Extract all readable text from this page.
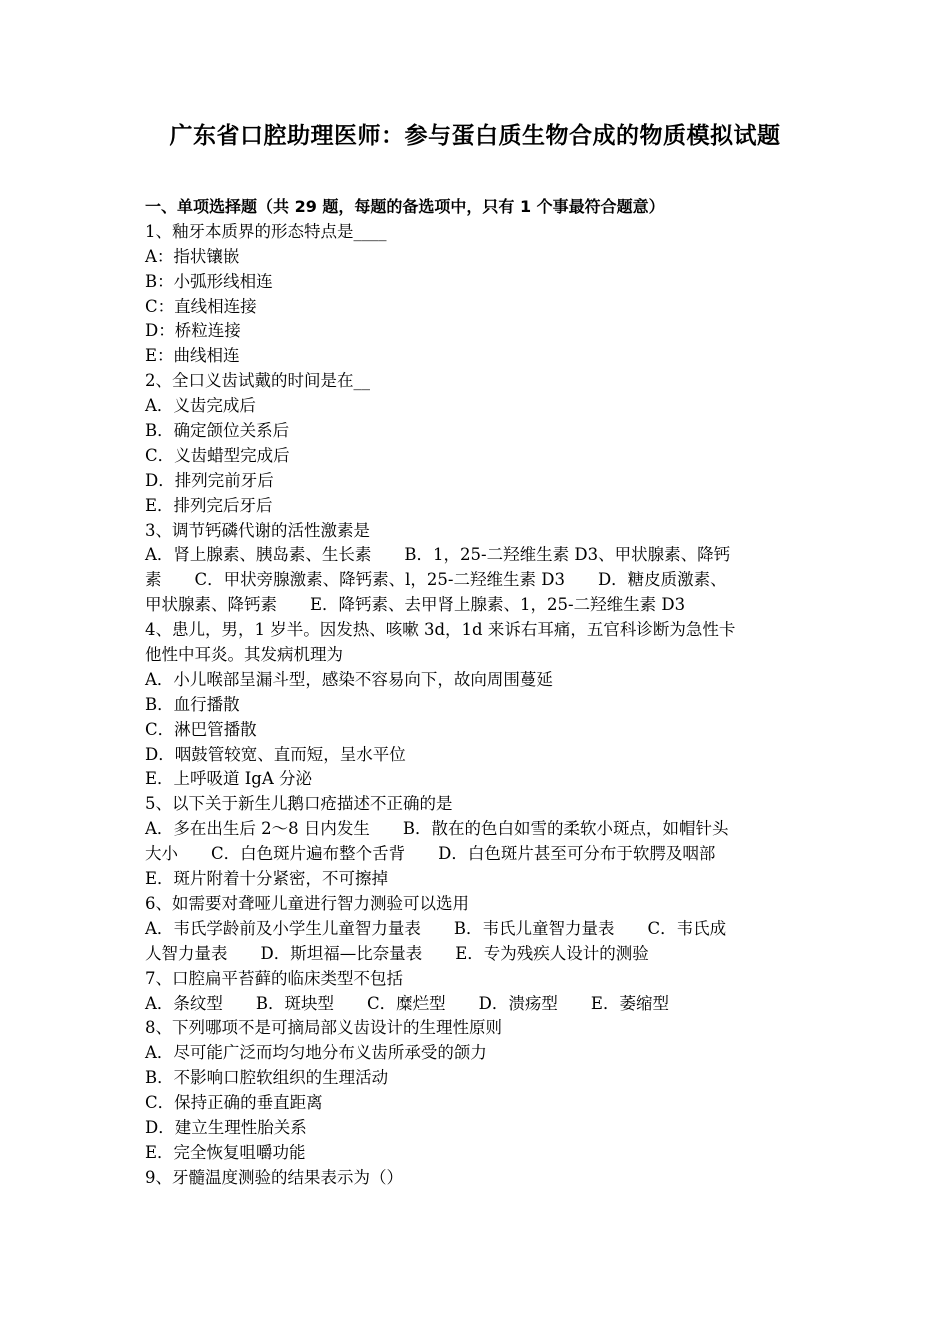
广东省口腔助理医师：参与蛋白质生物合成的物质模拟试题
一、单项选择题（共 29 题，每题的备选项中，只有 1 个事最符合题意）
1、釉牙本质界的形态特点是____
A：指状镶嵌
B：小弧形线相连
C：直线相连接
D：桥粒连接
E：曲线相连
2、全口义齿试戴的时间是在__
A．义齿完成后
B．确定颌位关系后
C．义齿蜡型完成后
D．排列完前牙后
E．排列完后牙后
3、调节钙磷代谢的活性激素是
A．肾上腺素、胰岛素、生长素　　B．1，25-二羟维生素 D3、甲状腺素、降钙
素　　C．甲状旁腺激素、降钙素、l，25-二羟维生素 D3　　D．糖皮质激素、
甲状腺素、降钙素　　E．降钙素、去甲肾上腺素、1，25-二羟维生素 D3
4、患儿，男，1 岁半。因发热、咳嗽 3d，1d 来诉右耳痛，五官科诊断为急性卡
他性中耳炎。其发病机理为
A．小儿喉部呈漏斗型，感染不容易向下，故向周围蔓延
B．血行播散
C．淋巴管播散
D．咽鼓管较宽、直而短，呈水平位
E．上呼吸道 IgA 分泌
5、以下关于新生儿鹅口疮描述不正确的是
A．多在出生后 2～8 日内发生　　B．散在的色白如雪的柔软小斑点，如帽针头
大小　　C．白色斑片遍布整个舌背　　D．白色斑片甚至可分布于软腭及咽部
E．斑片附着十分紧密，不可擦掉
6、如需要对聋哑儿童进行智力测验可以选用
A．韦氏学龄前及小学生儿童智力量表　　B．韦氏儿童智力量表　　C．韦氏成
人智力量表　　D．斯坦福—比奈量表　　E．专为残疾人设计的测验
7、口腔扁平苔藓的临床类型不包括
A．条纹型　　B．斑块型　　C．糜烂型　　D．溃疡型　　E．萎缩型
8、下列哪项不是可摘局部义齿设计的生理性原则
A．尽可能广泛而均匀地分布义齿所承受的颌力
B．不影响口腔软组织的生理活动
C．保持正确的垂直距离
D．建立生理性胎关系
E．完全恢复咀嚼功能
9、牙髓温度测验的结果表示为（）
